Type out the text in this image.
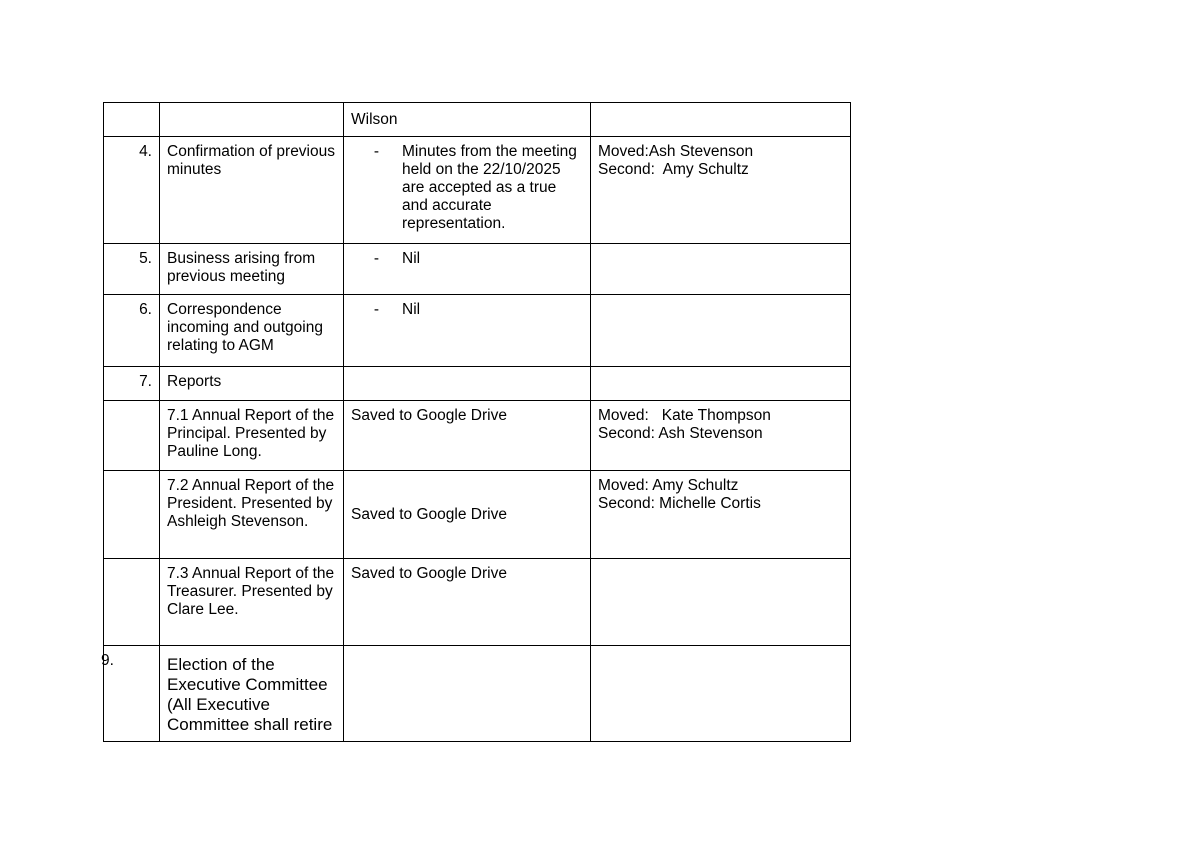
		Wilson	
4.	Confirmation of previous minutes	- Minutes from the meeting held on the 22/10/2025 are accepted as a true and accurate representation.	Moved:Ash Stevenson
Second:  Amy Schultz

5.	Business arising from previous meeting	- Nil	

6.	Correspondence incoming and outgoing relating to AGM	- Nil	

7.	Reports		
	7.1 Annual Report of the Principal. Presented by Pauline Long.	Saved to Google Drive	Moved:   Kate Thompson
Second: Ash Stevenson

	7.2 Annual Report of the President. Presented by Ashleigh Stevenson.	Saved to Google Drive	Moved: Amy Schultz
Second: Michelle Cortis

	7.3 Annual Report of the Treasurer. Presented by Clare Lee.	Saved to Google Drive	
9.	Election of the Executive Committee (All Executive Committee shall retire		
